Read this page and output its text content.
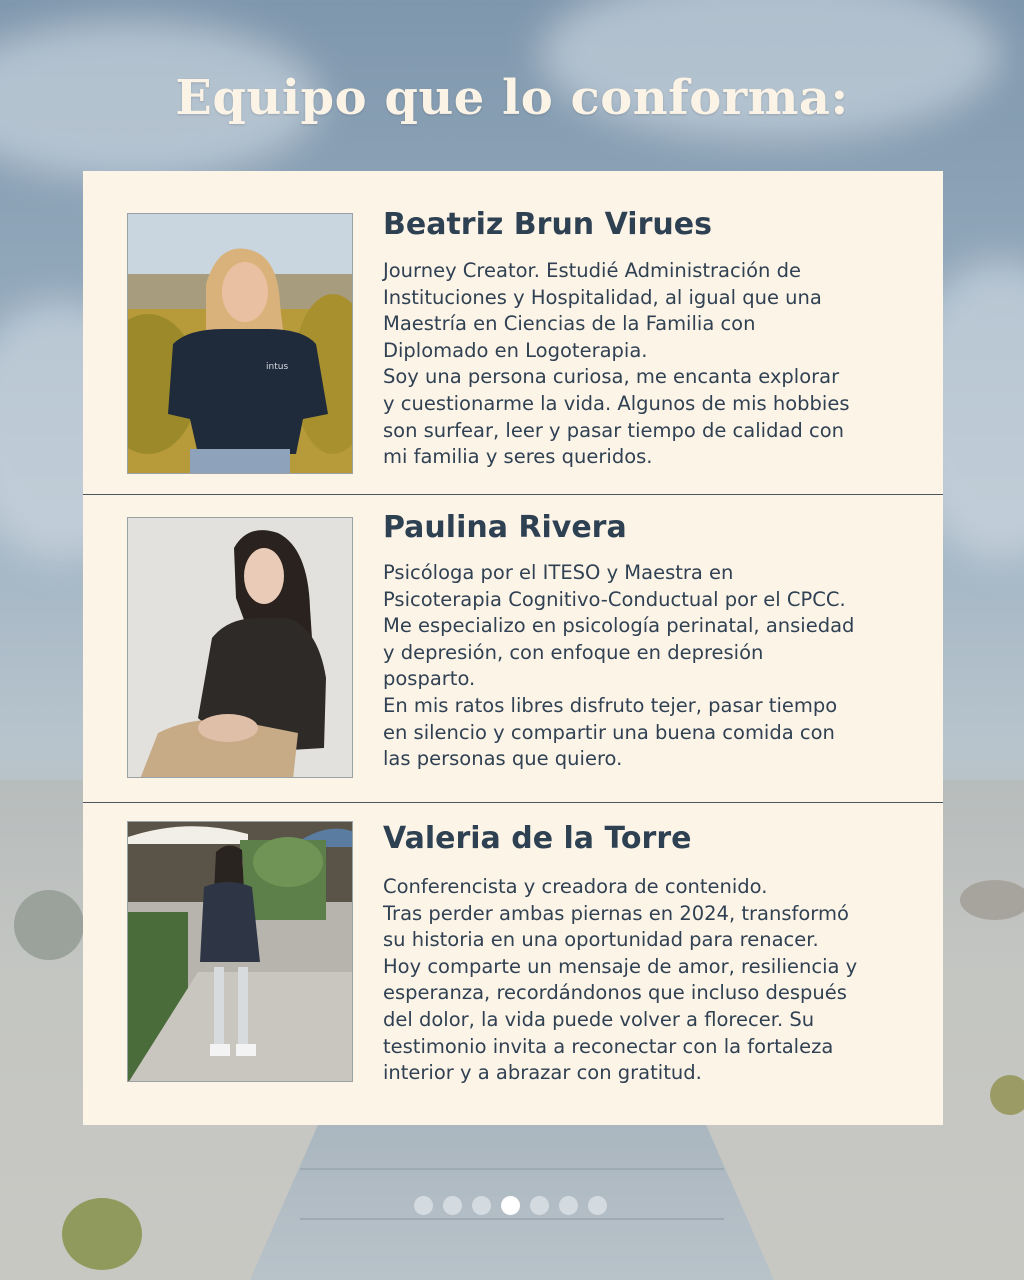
Equipo que lo conforma:
intus
Beatriz Brun Virues
Journey Creator. Estudié Administración de
Instituciones y Hospitalidad, al igual que una
Maestría en Ciencias de la Familia con
Diplomado en Logoterapia.
Soy una persona curiosa, me encanta explorar
y cuestionarme la vida. Algunos de mis hobbies
son surfear, leer y pasar tiempo de calidad con
mi familia y seres queridos.
Paulina Rivera
Psicóloga por el ITESO y Maestra en
Psicoterapia Cognitivo-Conductual por el CPCC.
Me especializo en psicología perinatal, ansiedad
y depresión, con enfoque en depresión
posparto.
En mis ratos libres disfruto tejer, pasar tiempo
en silencio y compartir una buena comida con
las personas que quiero.
Valeria de la Torre
Conferencista y creadora de contenido.
Tras perder ambas piernas en 2024, transformó
su historia en una oportunidad para renacer.
Hoy comparte un mensaje de amor, resiliencia y
esperanza, recordándonos que incluso después
del dolor, la vida puede volver a florecer. Su
testimonio invita a reconectar con la fortaleza
interior y a abrazar con gratitud.
